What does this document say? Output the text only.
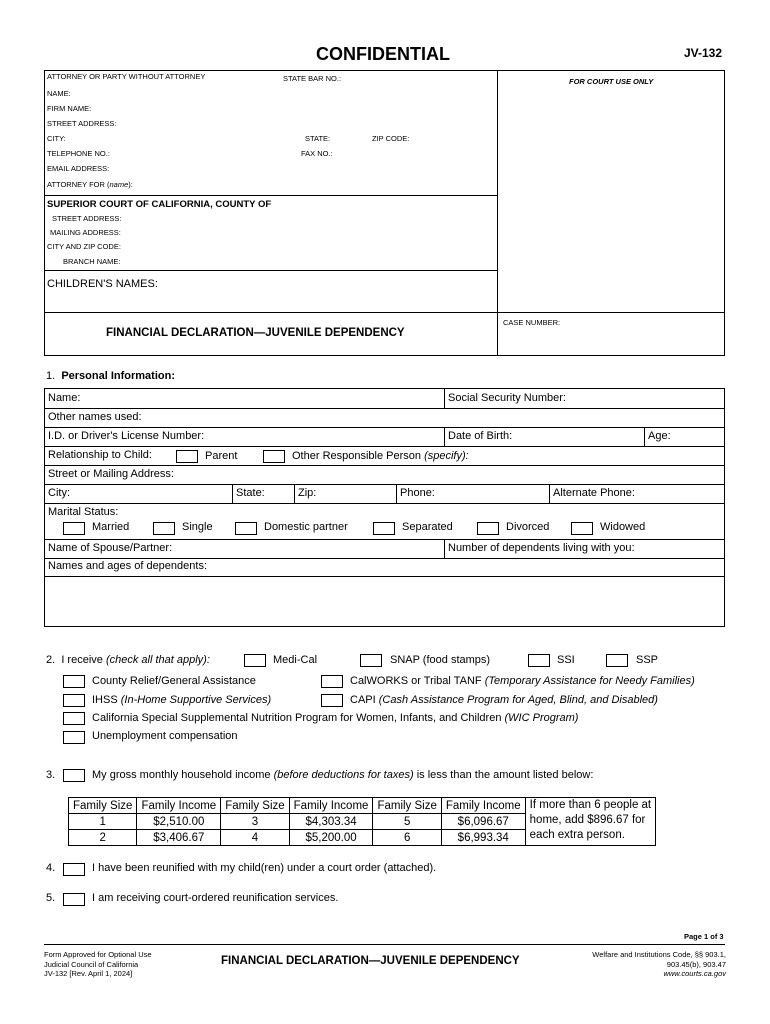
CONFIDENTIAL	JV-132
ATTORNEY OR PARTY WITHOUT ATTORNEY	STATE BAR NO.:	FOR COURT USE ONLY
NAME:
FIRM NAME:
STREET ADDRESS:
CITY:	STATE:	ZIP CODE:
TELEPHONE NO.:	FAX NO.:
EMAIL ADDRESS:
ATTORNEY FOR (name):
SUPERIOR COURT OF CALIFORNIA, COUNTY OF
STREET ADDRESS:
MAILING ADDRESS:
CITY AND ZIP CODE:
BRANCH NAME:
CHILDREN'S NAMES:
FINANCIAL DECLARATION—JUVENILE DEPENDENCY
CASE NUMBER:
1. Personal Information:
Name:	Social Security Number:
Other names used:
I.D. or Driver's License Number:	Date of Birth:	Age:
Relationship to Child:	Parent	Other Responsible Person (specify):
Street or Mailing Address:
City:	State:	Zip:	Phone:	Alternate Phone:
Marital Status:
Married	Single	Domestic partner	Separated	Divorced	Widowed
Name of Spouse/Partner:	Number of dependents living with you:
Names and ages of dependents:
2. I receive (check all that apply):	Medi-Cal	SNAP (food stamps)	SSI	SSP
County Relief/General Assistance	CalWORKS or Tribal TANF (Temporary Assistance for Needy Families)
IHSS (In-Home Supportive Services)	CAPI (Cash Assistance Program for Aged, Blind, and Disabled)
California Special Supplemental Nutrition Program for Women, Infants, and Children (WIC Program)
Unemployment compensation
3.	My gross monthly household income (before deductions for taxes) is less than the amount listed below:
Family Size	Family Income	Family Size	Family Income	Family Size	Family Income	If more than 6 people at
home, add $896.67 for
each extra person.
1	$2,510.00	3	$4,303.34	5	$6,096.67	
2	$3,406.67	4	$5,200.00	6	$6,993.34	
4.	I have been reunified with my child(ren) under a court order (attached).
5.	I am receiving court-ordered reunification services.
Page 1 of 3
Form Approved for Optional Use
Judicial Council of California
JV-132 [Rev. April 1, 2024]
FINANCIAL DECLARATION—JUVENILE DEPENDENCY
Welfare and Institutions Code, §§ 903.1,
903.45(b), 903.47
www.courts.ca.gov
